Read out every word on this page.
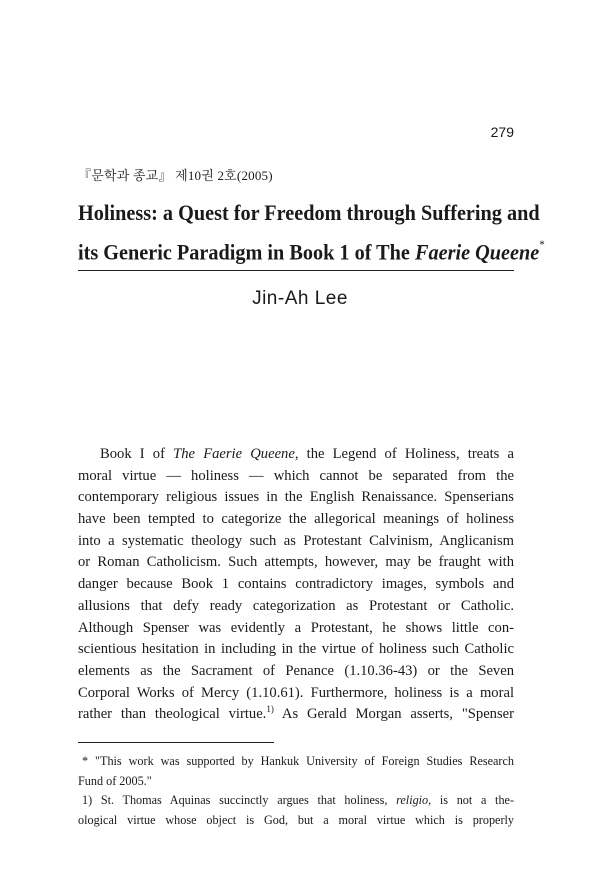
279
『문학과 종교』 제10권 2호(2005)
Holiness: a Quest for Freedom through Suffering and
its Generic Paradigm in Book 1 of The Faerie Queene*
Jin-Ah Lee
Book I of The Faerie Queene, the Legend of Holiness, treats a
moral virtue — holiness — which cannot be separated from the
contemporary religious issues in the English Renaissance. Spenserians
have been tempted to categorize the allegorical meanings of holiness
into a systematic theology such as Protestant Calvinism, Anglicanism
or Roman Catholicism. Such attempts, however, may be fraught with
danger because Book 1 contains contradictory images, symbols and
allusions that defy ready categorization as Protestant or Catholic.
Although Spenser was evidently a Protestant, he shows little con-
scientious hesitation in including in the virtue of holiness such Catholic
elements as the Sacrament of Penance (1.10.36-43) or the Seven
Corporal Works of Mercy (1.10.61). Furthermore, holiness is a moral
rather than theological virtue.$^{1)}$ As Gerald Morgan asserts, "Spenser
* "This work was supported by Hankuk University of Foreign Studies Research
Fund of 2005."
1) St. Thomas Aquinas succinctly argues that holiness, religio, is not a the-
ological virtue whose object is God, but a moral virtue which is properly
